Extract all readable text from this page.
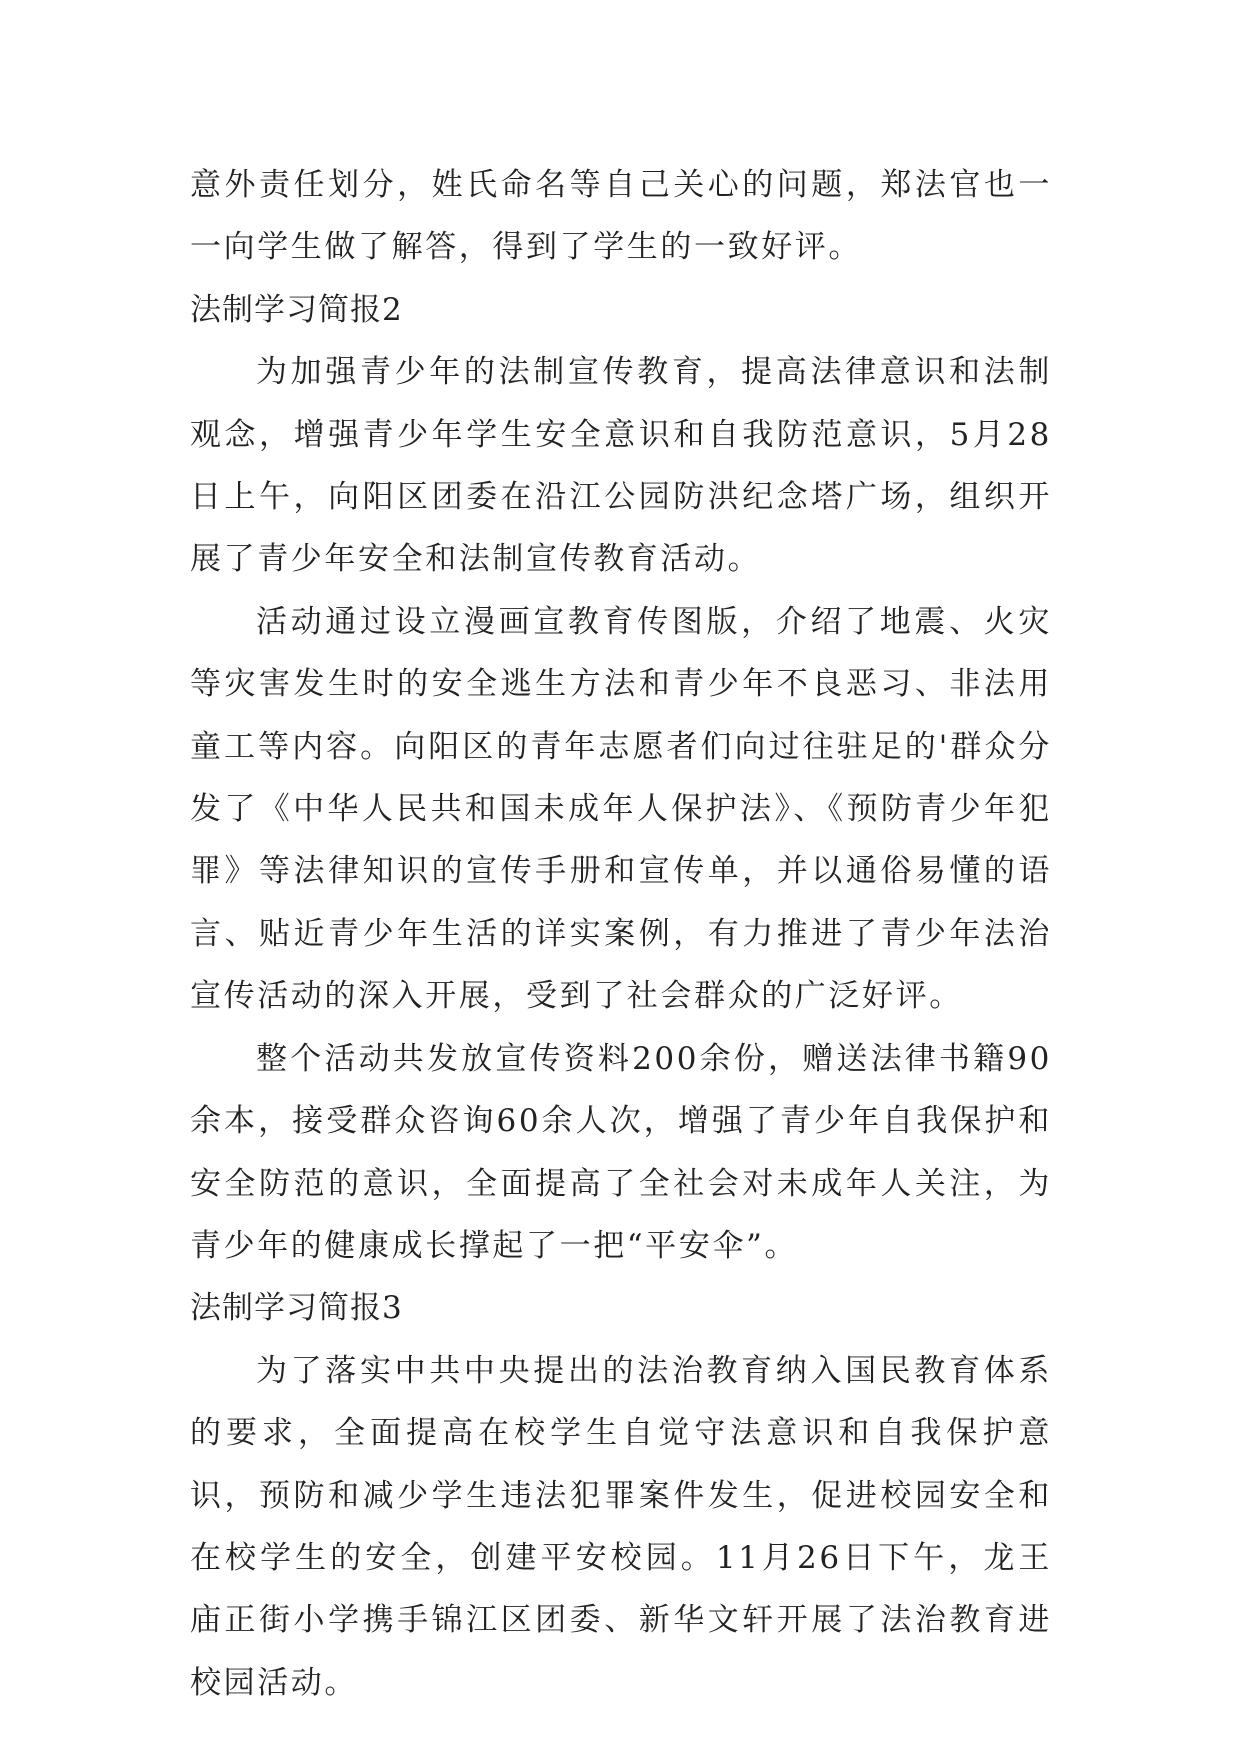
意外责任划分，姓氏命名等自己关心的问题，郑法官也一一向学生做了解答，得到了学生的一致好评。

法制学习简报2

为加强青少年的法制宣传教育，提高法律意识和法制观念，增强青少年学生安全意识和自我防范意识，5月28日上午，向阳区团委在沿江公园防洪纪念塔广场，组织开展了青少年安全和法制宣传教育活动。

活动通过设立漫画宣教育传图版，介绍了地震、火灾等灾害发生时的安全逃生方法和青少年不良恶习、非法用童工等内容。向阳区的青年志愿者们向过往驻足的'群众分发了《中华人民共和国未成年人保护法》、《预防青少年犯罪》等法律知识的宣传手册和宣传单，并以通俗易懂的语言、贴近青少年生活的详实案例，有力推进了青少年法治宣传活动的深入开展，受到了社会群众的广泛好评。

整个活动共发放宣传资料200余份，赠送法律书籍90余本，接受群众咨询60余人次，增强了青少年自我保护和安全防范的意识，全面提高了全社会对未成年人关注，为青少年的健康成长撑起了一把“平安伞”。

法制学习简报3

为了落实中共中央提出的法治教育纳入国民教育体系的要求，全面提高在校学生自觉守法意识和自我保护意识，预防和减少学生违法犯罪案件发生，促进校园安全和在校学生的安全，创建平安校园。11月26日下午，龙王庙正街小学携手锦江区团委、新华文轩开展了法治教育进校园活动。
